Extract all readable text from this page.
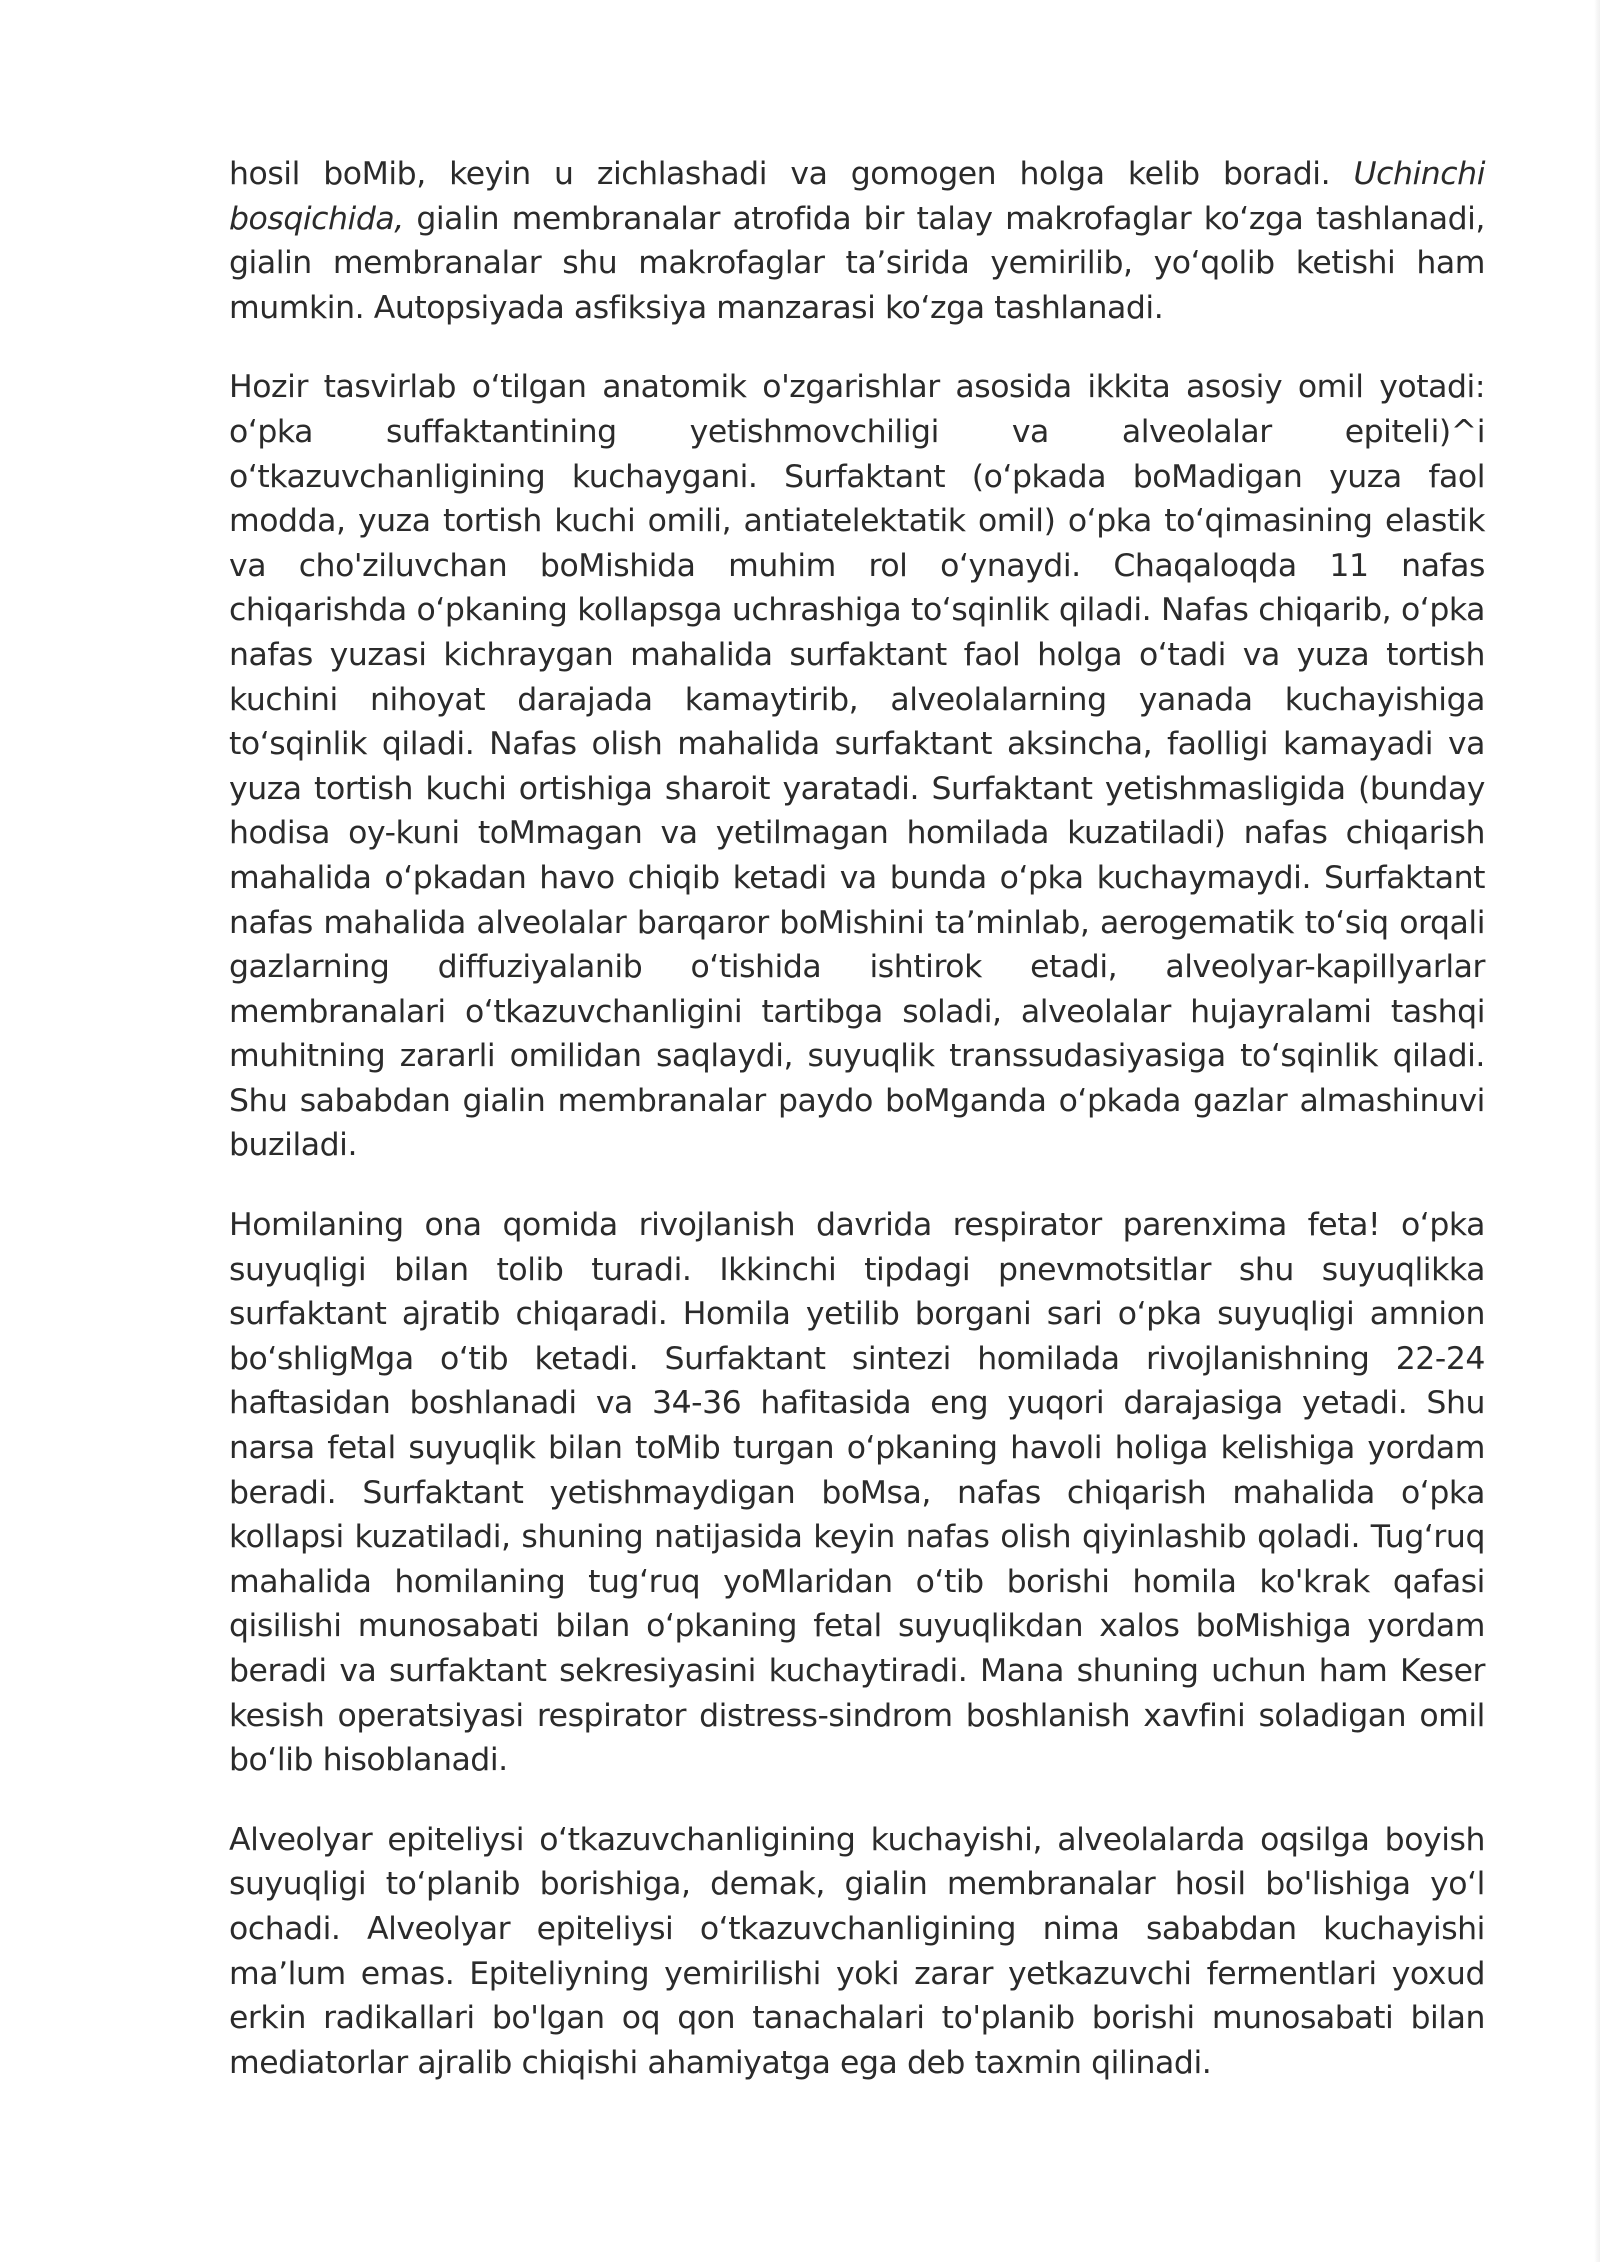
hosil boMib, keyin u zichlashadi va gomogen holga kelib boradi. Uchinchi bosqichida, gialin membranalar atrofida bir talay makrofaglar koʻzga tashlanadi, gialin membranalar shu makrofaglar taʼsirida yemirilib, yoʻqolib ketishi ham mumkin. Autopsiyada asfiksiya manzarasi koʻzga tashlanadi.

Hozir tasvirlab oʻtilgan anatomik o'zgarishlar asosida ikkita asosiy omil yotadi: oʻpka suffaktantining yetishmovchiligi va alveolalar epiteli)^i oʻtkazuvchanligining kuchaygani. Surfaktant (oʻpkada boMadigan yuza faol modda, yuza tortish kuchi omili, antiatelektatik omil) oʻpka toʻqimasining elastik va cho'ziluvchan boMishida muhim rol oʻynaydi. Chaqaloqda 11 nafas chiqarishda oʻpkaning kollapsga uchrashiga toʻsqinlik qiladi. Nafas chiqarib, oʻpka nafas yuzasi kichraygan mahalida surfaktant faol holga oʻtadi va yuza tortish kuchini nihoyat darajada kamaytirib, alveolalarning yanada kuchayishiga toʻsqinlik qiladi. Nafas olish mahalida surfaktant aksincha, faolligi kamayadi va yuza tortish kuchi ortishiga sharoit yaratadi. Surfaktant yetishmasligida (bunday hodisa oy-kuni toMmagan va yetilmagan homilada kuzatiladi) nafas chiqarish mahalida oʻpkadan havo chiqib ketadi va bunda oʻpka kuchaymaydi. Surfaktant nafas mahalida alveolalar barqaror boMishini taʼminlab, aerogematik toʻsiq orqali gazlarning diffuziyalanib oʻtishida ishtirok etadi, alveolyar-kapillyarlar membranalari oʻtkazuvchanligini tartibga soladi, alveolalar hujayralami tashqi muhitning zararli omilidan saqlaydi, suyuqlik transsudasiyasiga toʻsqinlik qiladi. Shu sababdan gialin membranalar paydo boMganda oʻpkada gazlar almashinuvi buziladi.

Homilaning ona qomida rivojlanish davrida respirator parenxima feta! oʻpka suyuqligi bilan tolib turadi. Ikkinchi tipdagi pnevmotsitlar shu suyuqlikka surfaktant ajratib chiqaradi. Homila yetilib borgani sari oʻpka suyuqligi amnion boʻshligMga oʻtib ketadi. Surfaktant sintezi homilada rivojlanishning 22-24 haftasidan boshlanadi va 34-36 hafitasida eng yuqori darajasiga yetadi. Shu narsa fetal suyuqlik bilan toMib turgan oʻpkaning havoli holiga kelishiga yordam beradi. Surfaktant yetishmaydigan boMsa, nafas chiqarish mahalida oʻpka kollapsi kuzatiladi, shuning natijasida keyin nafas olish qiyinlashib qoladi. Tugʻruq mahalida homilaning tugʻruq yoMlaridan oʻtib borishi homila ko'krak qafasi qisilishi munosabati bilan oʻpkaning fetal suyuqlikdan xalos boMishiga yordam beradi va surfaktant sekresiyasini kuchaytiradi. Mana shuning uchun ham Keser kesish operatsiyasi respirator distress-sindrom boshlanish xavfini soladigan omil boʻlib hisoblanadi.

Alveolyar epiteliysi oʻtkazuvchanligining kuchayishi, alveolalarda oqsilga boyish suyuqligi toʻplanib borishiga, demak, gialin membranalar hosil bo'lishiga yoʻl ochadi. Alveolyar epiteliysi oʻtkazuvchanligining nima sababdan kuchayishi maʼlum emas. Epiteliyning yemirilishi yoki zarar yetkazuvchi fermentlari yoxud erkin radikallari bo'lgan oq qon tanachalari to'planib borishi munosabati bilan mediatorlar ajralib chiqishi ahamiyatga ega deb taxmin qilinadi.
